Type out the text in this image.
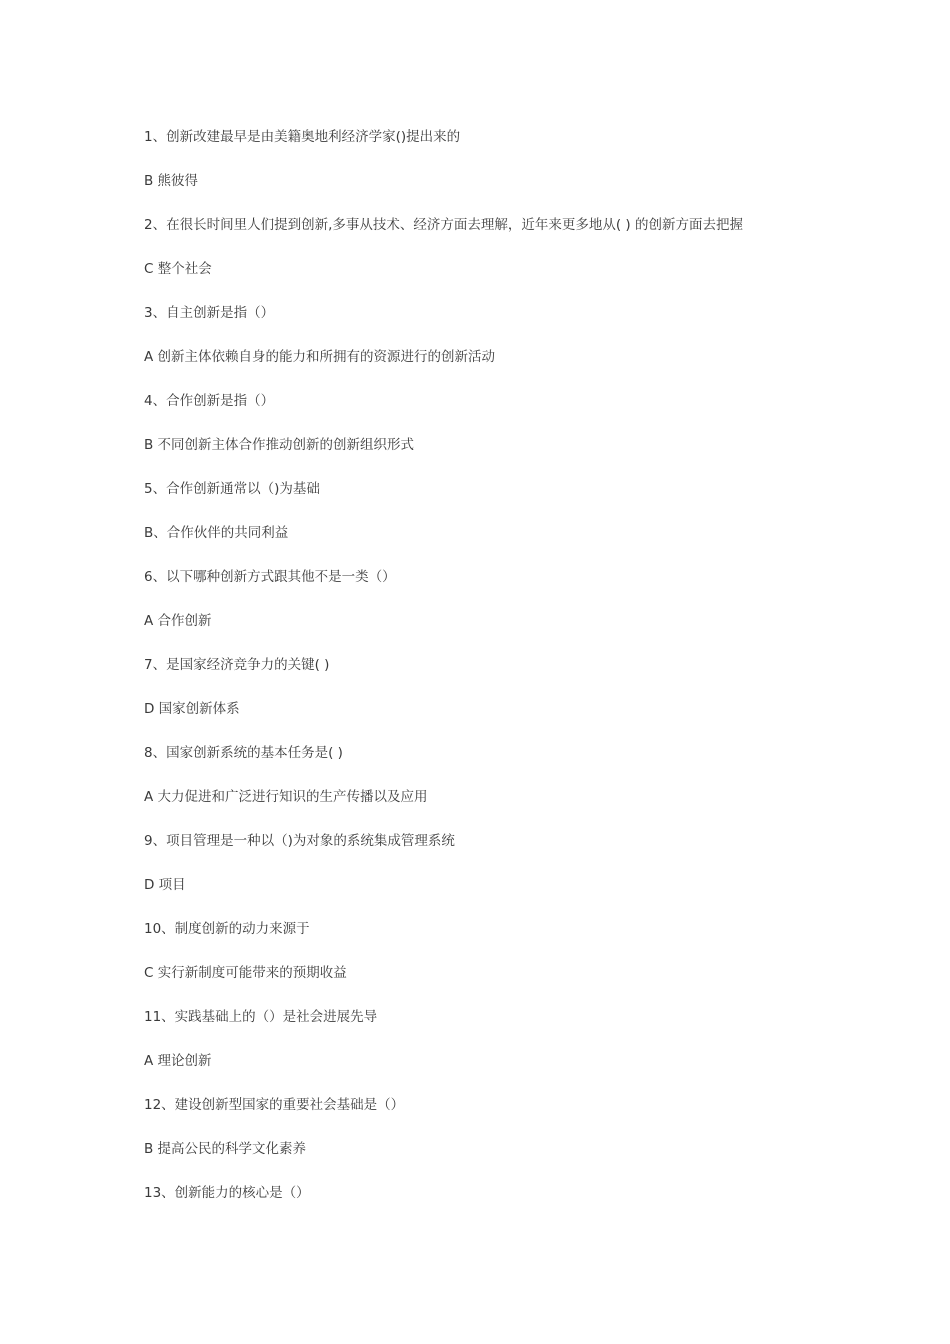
1、创新改建最早是由美籍奥地利经济学家()提出来的
B 熊彼得
2、在很长时间里人们提到创新,多事从技术、经济方面去理解，近年来更多地从( ) 的创新方面去把握
C 整个社会
3、自主创新是指（）
A 创新主体依赖自身的能力和所拥有的资源进行的创新活动
4、合作创新是指（）
B 不同创新主体合作推动创新的创新组织形式
5、合作创新通常以（)为基础
B、合作伙伴的共同利益
6、以下哪种创新方式跟其他不是一类（）
A 合作创新
7、是国家经济竞争力的关键( )
D 国家创新体系
8、国家创新系统的基本任务是( )
A 大力促进和广泛进行知识的生产传播以及应用
9、项目管理是一种以（)为对象的系统集成管理系统
D 项目
10、制度创新的动力来源于
C 实行新制度可能带来的预期收益
11、实践基础上的（）是社会进展先导
A 理论创新
12、建设创新型国家的重要社会基础是（）
B 提高公民的科学文化素养
13、创新能力的核心是（）
